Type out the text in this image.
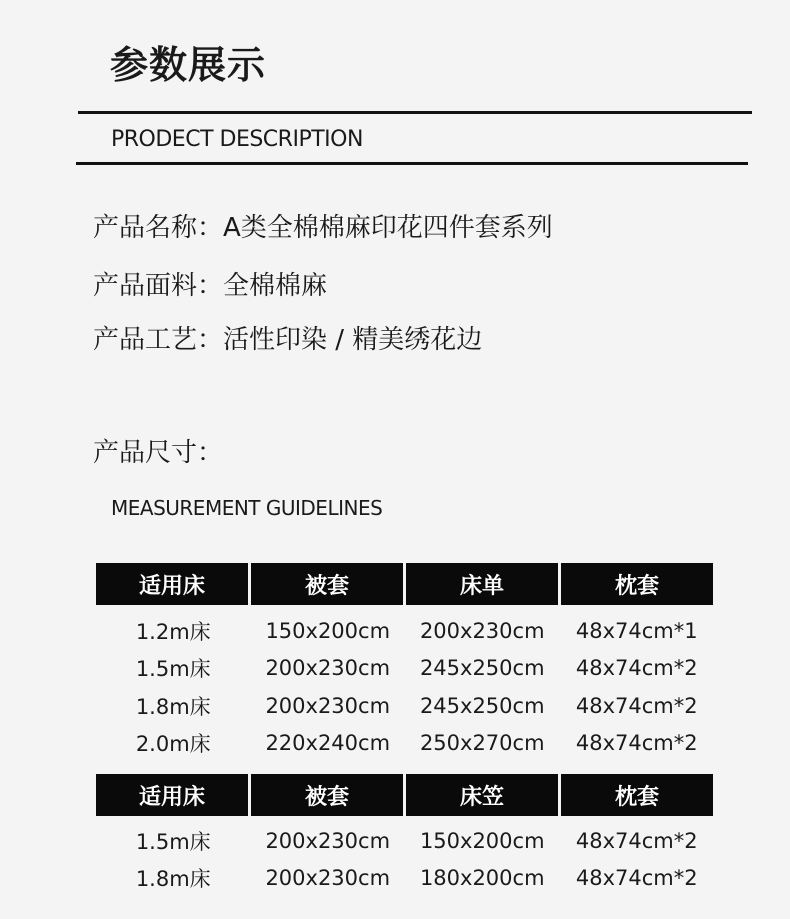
参数展示
PRODECT DESCRIPTION
产品名称：A类全棉棉麻印花四件套系列
产品面料：全棉棉麻
产品工艺：活性印染 / 精美绣花边
产品尺寸：
MEASUREMENT GUIDELINES
适用床	被套	床单	枕套
1.2m床	150x200cm	200x230cm	48x74cm*1
1.5m床	200x230cm	245x250cm	48x74cm*2
1.8m床	200x230cm	245x250cm	48x74cm*2
2.0m床	220x240cm	250x270cm	48x74cm*2
适用床	被套	床笠	枕套
1.5m床	200x230cm	150x200cm	48x74cm*2
1.8m床	200x230cm	180x200cm	48x74cm*2
